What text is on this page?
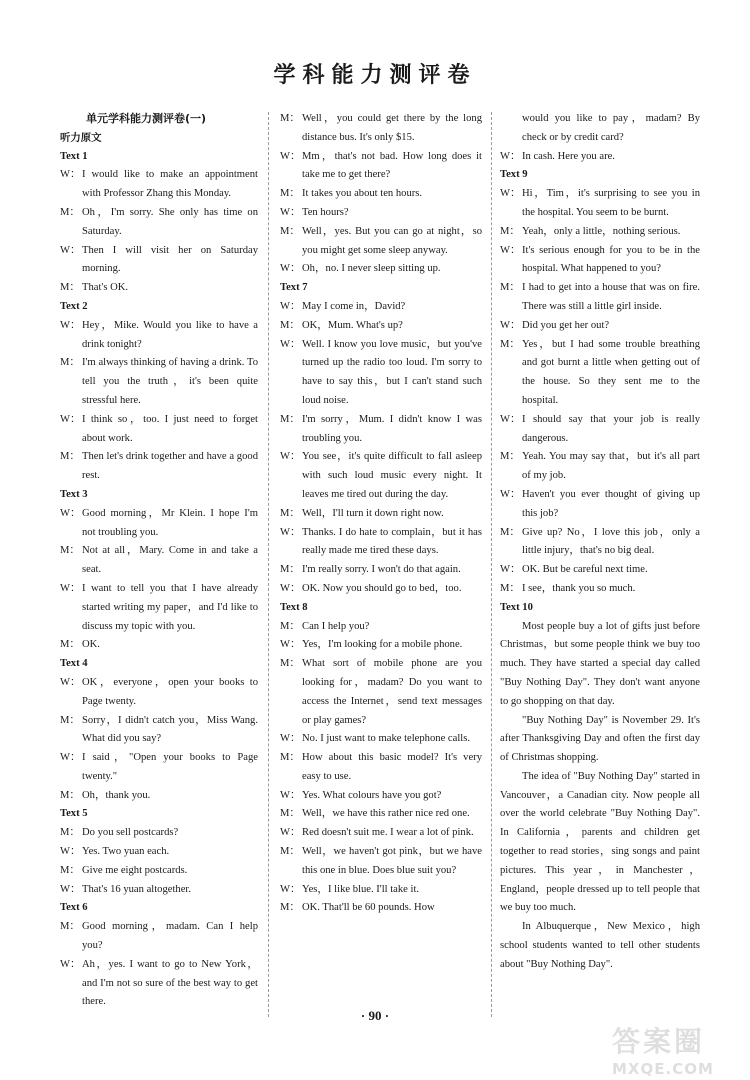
学科能力测评卷
单元学科能力测评卷(一)
听力原文
Text 1
W： I would like to make an appointment with Professor Zhang this Monday.
M： Oh，I'm sorry. She only has time on Saturday.
W： Then I will visit her on Saturday morning.
M： That's OK.
Text 2
W： Hey，Mike. Would you like to have a drink tonight?
M： I'm always thinking of having a drink. To tell you the truth，it's been quite stressful here.
W： I think so，too. I just need to forget about work.
M： Then let's drink together and have a good rest.
Text 3
W： Good morning，Mr Klein. I hope I'm not troubling you.
M： Not at all，Mary. Come in and take a seat.
W： I want to tell you that I have already started writing my paper，and I'd like to discuss my topic with you.
M： OK.
Text 4
W： OK，everyone，open your books to Page twenty.
M： Sorry，I didn't catch you，Miss Wang. What did you say?
W： I said，"Open your books to Page twenty."
M： Oh，thank you.
Text 5
M： Do you sell postcards?
W： Yes. Two yuan each.
M： Give me eight postcards.
W： That's 16 yuan altogether.
Text 6
M： Good morning，madam. Can I help you?
W： Ah，yes. I want to go to New York，and I'm not so sure of the best way to get there.
M： Well，you could get there by the long distance bus. It's only $15.
W： Mm，that's not bad. How long does it take me to get there?
M： It takes you about ten hours.
W： Ten hours?
M： Well，yes. But you can go at night，so you might get some sleep anyway.
W： Oh，no. I never sleep sitting up.
Text 7
W： May I come in，David?
M： OK，Mum. What's up?
W： Well. I know you love music，but you've turned up the radio too loud. I'm sorry to have to say this，but I can't stand such loud noise.
M： I'm sorry，Mum. I didn't know I was troubling you.
W： You see，it's quite difficult to fall asleep with such loud music every night. It leaves me tired out during the day.
M： Well，I'll turn it down right now.
W： Thanks. I do hate to complain，but it has really made me tired these days.
M： I'm really sorry. I won't do that again.
W： OK. Now you should go to bed，too.
Text 8
M： Can I help you?
W： Yes，I'm looking for a mobile phone.
M： What sort of mobile phone are you looking for，madam? Do you want to access the Internet，send text messages or play games?
W： No. I just want to make telephone calls.
M： How about this basic model? It's very easy to use.
W： Yes. What colours have you got?
M： Well，we have this rather nice red one.
W： Red doesn't suit me. I wear a lot of pink.
M： Well，we haven't got pink，but we have this one in blue. Does blue suit you?
W： Yes，I like blue. I'll take it.
M： OK. That'll be 60 pounds. How
would you like to pay，madam? By check or by credit card?
W： In cash. Here you are.
Text 9
W： Hi，Tim，it's surprising to see you in the hospital. You seem to be burnt.
M： Yeah，only a little，nothing serious.
W： It's serious enough for you to be in the hospital. What happened to you?
M： I had to get into a house that was on fire. There was still a little girl inside.
W： Did you get her out?
M： Yes，but I had some trouble breathing and got burnt a little when getting out of the house. So they sent me to the hospital.
W： I should say that your job is really dangerous.
M： Yeah. You may say that，but it's all part of my job.
W： Haven't you ever thought of giving up this job?
M： Give up? No，I love this job，only a little injury，that's no big deal.
W： OK. But be careful next time.
M： I see，thank you so much.
Text 10
Most people buy a lot of gifts just before Christmas，but some people think we buy too much. They have started a special day called "Buy Nothing Day". They don't want anyone to go shopping on that day.
"Buy Nothing Day" is November 29. It's after Thanksgiving Day and often the first day of Christmas shopping.
The idea of "Buy Nothing Day" started in Vancouver，a Canadian city. Now people all over the world celebrate "Buy Nothing Day". In California，parents and children get together to read stories，sing songs and paint pictures. This year，in Manchester，England，people dressed up to tell people that we buy too much.
In Albuquerque，New Mexico，high school students wanted to tell other students about "Buy Nothing Day".
· 90 ·
答案圈
MXQE.COM
